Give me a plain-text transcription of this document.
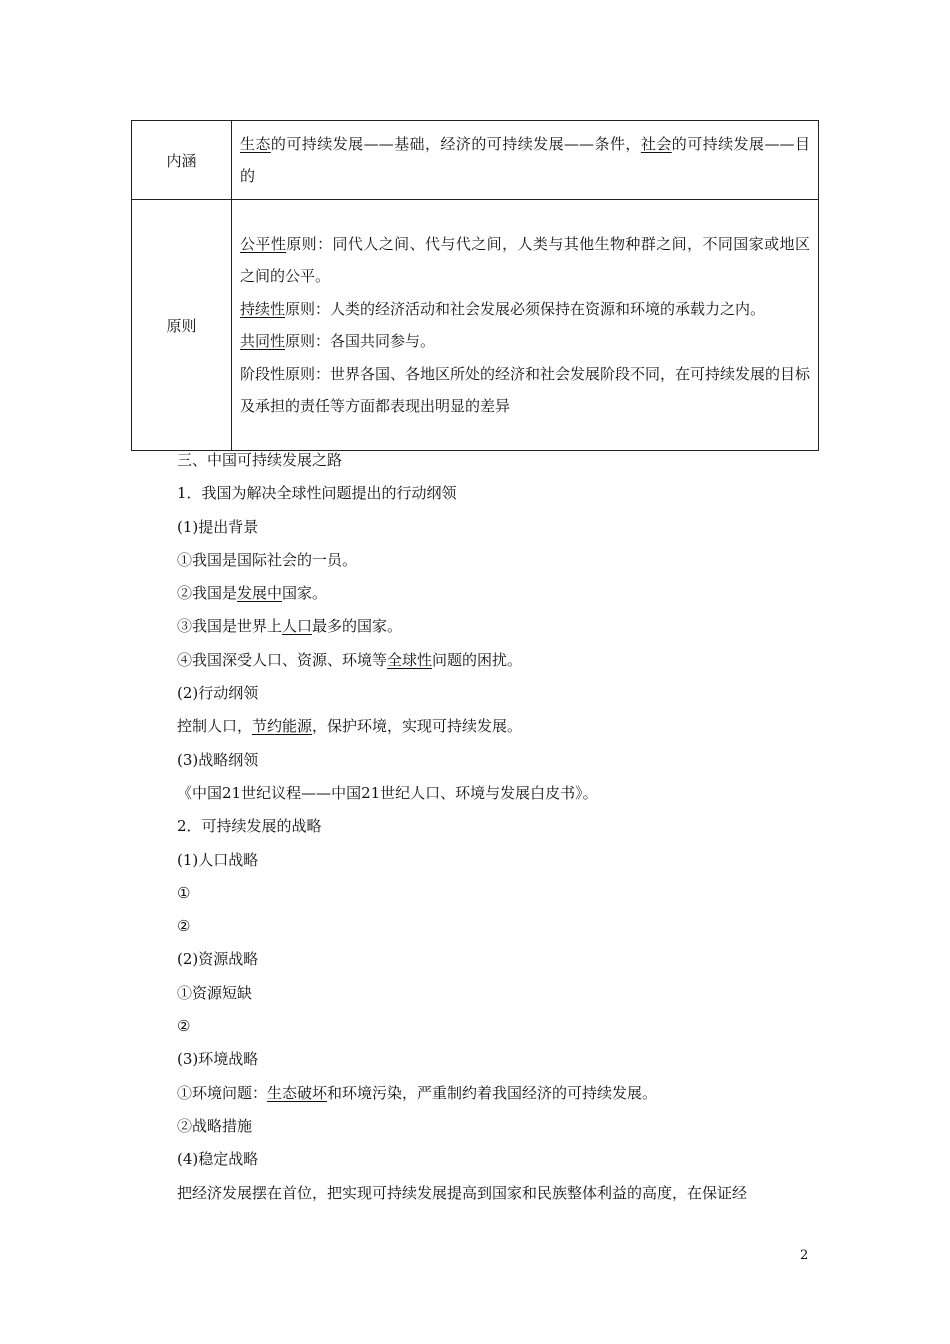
内涵	生态的可持续发展——基础，经济的可持续发展——条件，社会的可持续发展——目的

原则	公平性原则：同代人之间、代与代之间，人类与其他生物种群之间，不同国家或地区之间的公平。

持续性原则：人类的经济活动和社会发展必须保持在资源和环境的承载力之内。

共同性原则：各国共同参与。

阶段性原则：世界各国、各地区所处的经济和社会发展阶段不同，在可持续发展的目标及承担的责任等方面都表现出明显的差异

三、中国可持续发展之路
1．我国为解决全球性问题提出的行动纲领
(1)提出背景
①我国是国际社会的一员。
②我国是发展中国家。
③我国是世界上人口最多的国家。
④我国深受人口、资源、环境等全球性问题的困扰。
(2)行动纲领
控制人口，节约能源，保护环境，实现可持续发展。
(3)战略纲领
《中国21世纪议程——中国21世纪人口、环境与发展白皮书》。
2．可持续发展的战略
(1)人口战略
①
②
(2)资源战略
①资源短缺
②
(3)环境战略
①环境问题：生态破坏和环境污染，严重制约着我国经济的可持续发展。
②战略措施
(4)稳定战略
把经济发展摆在首位，把实现可持续发展提高到国家和民族整体利益的高度，在保证经
2
